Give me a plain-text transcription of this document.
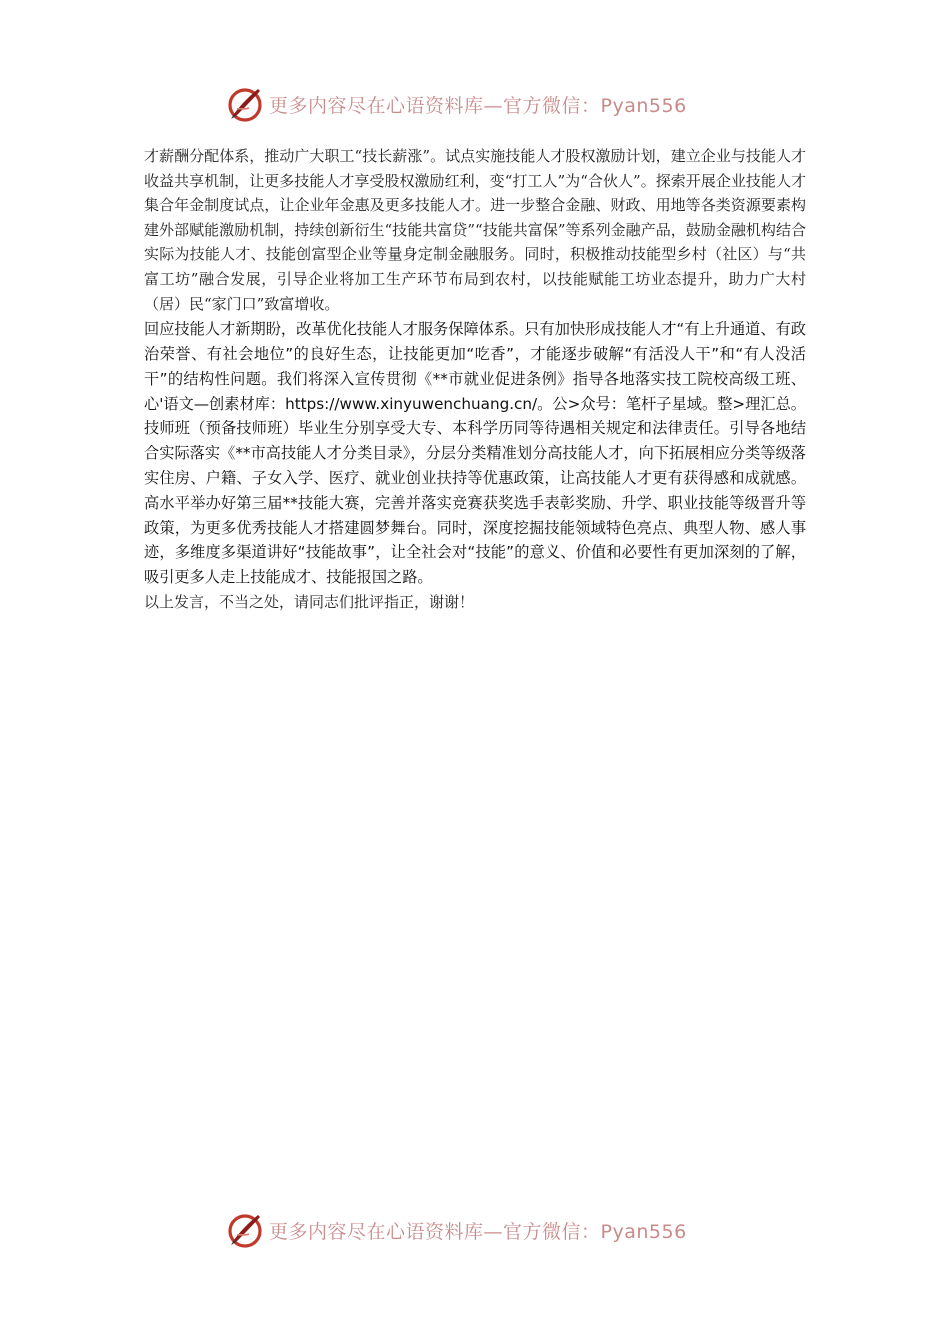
更多内容尽在心语资料库—官方微信：Pyan556

才薪酬分配体系，推动广大职工“技长薪涨”。试点实施技能人才股权激励计划，建立企业与技能人才收益共享机制，让更多技能人才享受股权激励红利，变“打工人”为“合伙人”。探索开展企业技能人才集合年金制度试点，让企业年金惠及更多技能人才。进一步整合金融、财政、用地等各类资源要素构建外部赋能激励机制，持续创新衍生“技能共富贷”“技能共富保”等系列金融产品，鼓励金融机构结合实际为技能人才、技能创富型企业等量身定制金融服务。同时，积极推动技能型乡村（社区）与“共富工坊”融合发展，引导企业将加工生产环节布局到农村，以技能赋能工坊业态提升，助力广大村（居）民“家门口”致富增收。

回应技能人才新期盼，改革优化技能人才服务保障体系。只有加快形成技能人才“有上升通道、有政治荣誉、有社会地位”的良好生态，让技能更加“吃香”，才能逐步破解“有活没人干”和“有人没活干”的结构性问题。我们将深入宣传贯彻《**市就业促进条例》指导各地落实技工院校高级工班、心'语文—创素材库：https://www.xinyuwenchuang.cn/。公>众号：笔杆子星域。整>理汇总。技师班（预备技师班）毕业生分别享受大专、本科学历同等待遇相关规定和法律责任。引导各地结合实际落实《**市高技能人才分类目录》，分层分类精准划分高技能人才，向下拓展相应分类等级落实住房、户籍、子女入学、医疗、就业创业扶持等优惠政策，让高技能人才更有获得感和成就感。高水平举办好第三届**技能大赛，完善并落实竞赛获奖选手表彰奖励、升学、职业技能等级晋升等政策，为更多优秀技能人才搭建圆梦舞台。同时，深度挖掘技能领域特色亮点、典型人物、感人事迹，多维度多渠道讲好“技能故事”，让全社会对“技能”的意义、价值和必要性有更加深刻的了解，吸引更多人走上技能成才、技能报国之路。

以上发言，不当之处，请同志们批评指正，谢谢！

更多内容尽在心语资料库—官方微信：Pyan556
